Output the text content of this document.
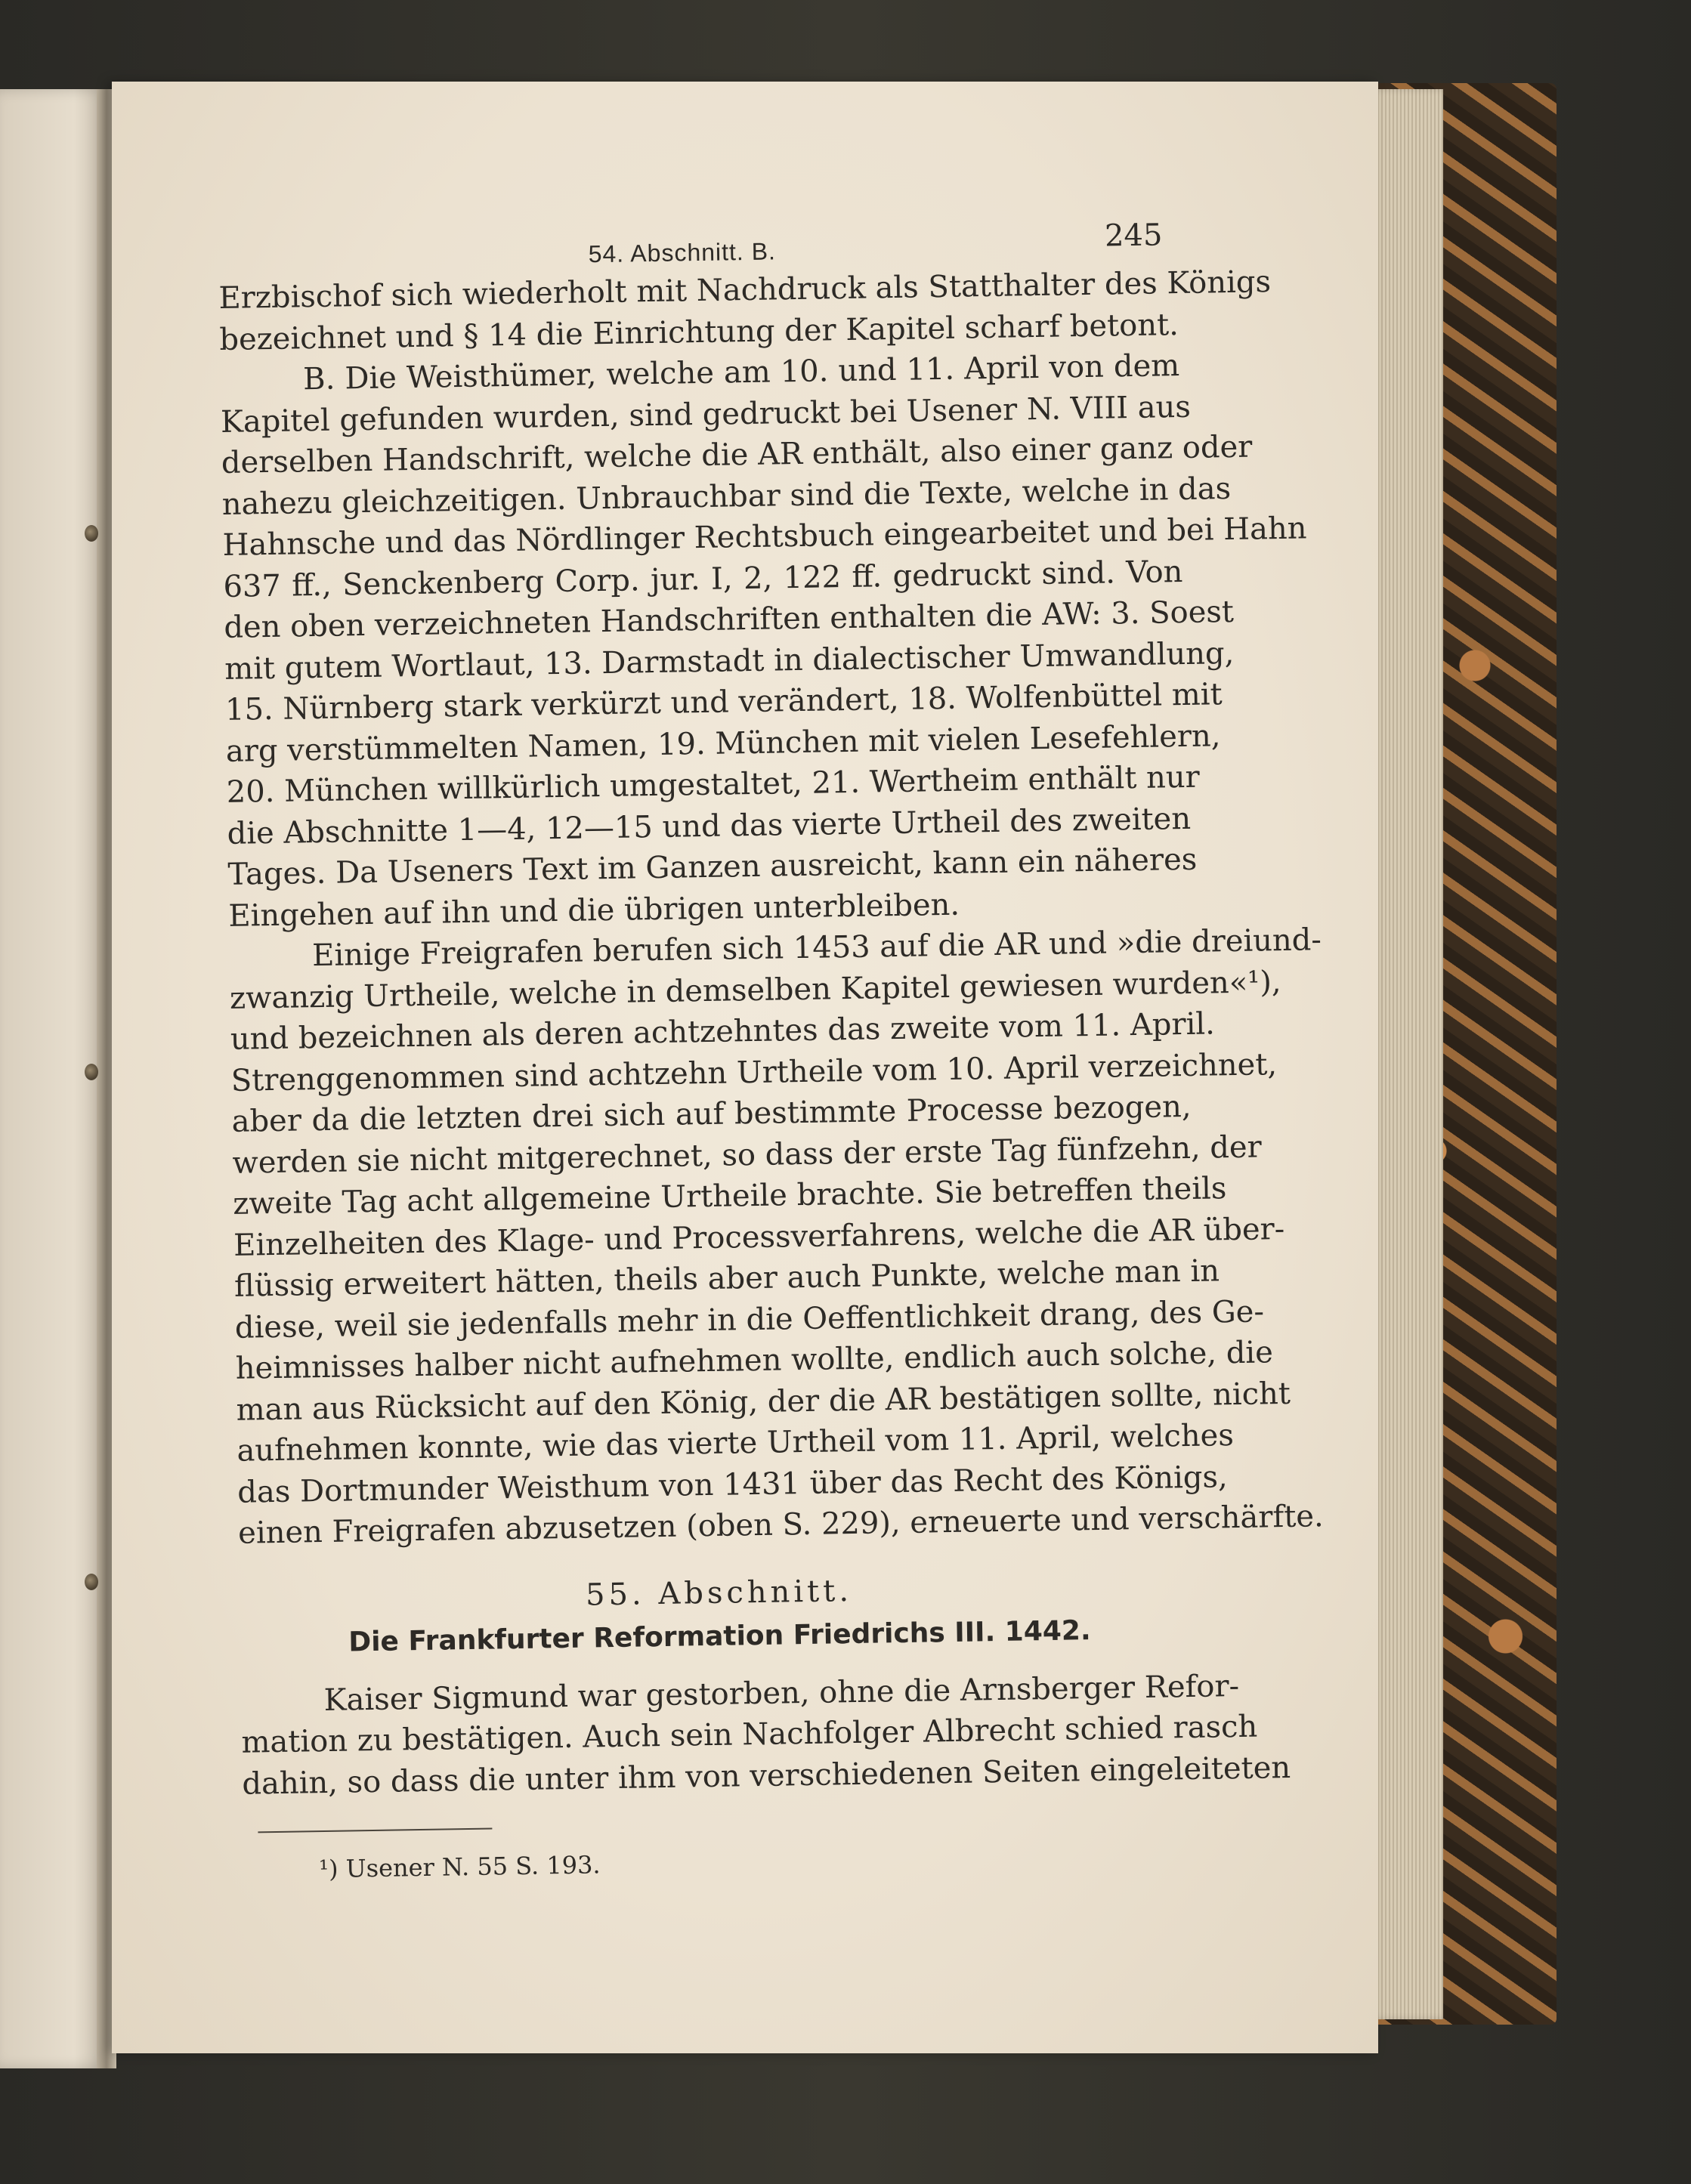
54. Abschnitt. B.	245
Erzbischof sich wiederholt mit Nachdruck als Statthalter des Königs
bezeichnet und § 14 die Einrichtung der Kapitel scharf betont.
B. Die Weisthümer, welche am 10. und 11. April von dem
Kapitel gefunden wurden, sind gedruckt bei Usener N. VIII aus
derselben Handschrift, welche die AR enthält, also einer ganz oder
nahezu gleichzeitigen. Unbrauchbar sind die Texte, welche in das
Hahnsche und das Nördlinger Rechtsbuch eingearbeitet und bei Hahn
637 ff., Senckenberg Corp. jur. I, 2, 122 ff. gedruckt sind. Von
den oben verzeichneten Handschriften enthalten die AW: 3. Soest
mit gutem Wortlaut, 13. Darmstadt in dialectischer Umwandlung,
15. Nürnberg stark verkürzt und verändert, 18. Wolfenbüttel mit
arg verstümmelten Namen, 19. München mit vielen Lesefehlern,
20. München willkürlich umgestaltet, 21. Wertheim enthält nur
die Abschnitte 1—4, 12—15 und das vierte Urtheil des zweiten
Tages. Da Useners Text im Ganzen ausreicht, kann ein näheres
Eingehen auf ihn und die übrigen unterbleiben.
Einige Freigrafen berufen sich 1453 auf die AR und »die dreiund-
zwanzig Urtheile, welche in demselben Kapitel gewiesen wurden«¹),
und bezeichnen als deren achtzehntes das zweite vom 11. April.
Strenggenommen sind achtzehn Urtheile vom 10. April verzeichnet,
aber da die letzten drei sich auf bestimmte Processe bezogen,
werden sie nicht mitgerechnet, so dass der erste Tag fünfzehn, der
zweite Tag acht allgemeine Urtheile brachte. Sie betreffen theils
Einzelheiten des Klage- und Processverfahrens, welche die AR über-
flüssig erweitert hätten, theils aber auch Punkte, welche man in
diese, weil sie jedenfalls mehr in die Oeffentlichkeit drang, des Ge-
heimnisses halber nicht aufnehmen wollte, endlich auch solche, die
man aus Rücksicht auf den König, der die AR bestätigen sollte, nicht
aufnehmen konnte, wie das vierte Urtheil vom 11. April, welches
das Dortmunder Weisthum von 1431 über das Recht des Königs,
einen Freigrafen abzusetzen (oben S. 229), erneuerte und verschärfte.
55. Abschnitt.
Die Frankfurter Reformation Friedrichs III. 1442.
Kaiser Sigmund war gestorben, ohne die Arnsberger Refor-
mation zu bestätigen. Auch sein Nachfolger Albrecht schied rasch
dahin, so dass die unter ihm von verschiedenen Seiten eingeleiteten
¹) Usener N. 55 S. 193.
